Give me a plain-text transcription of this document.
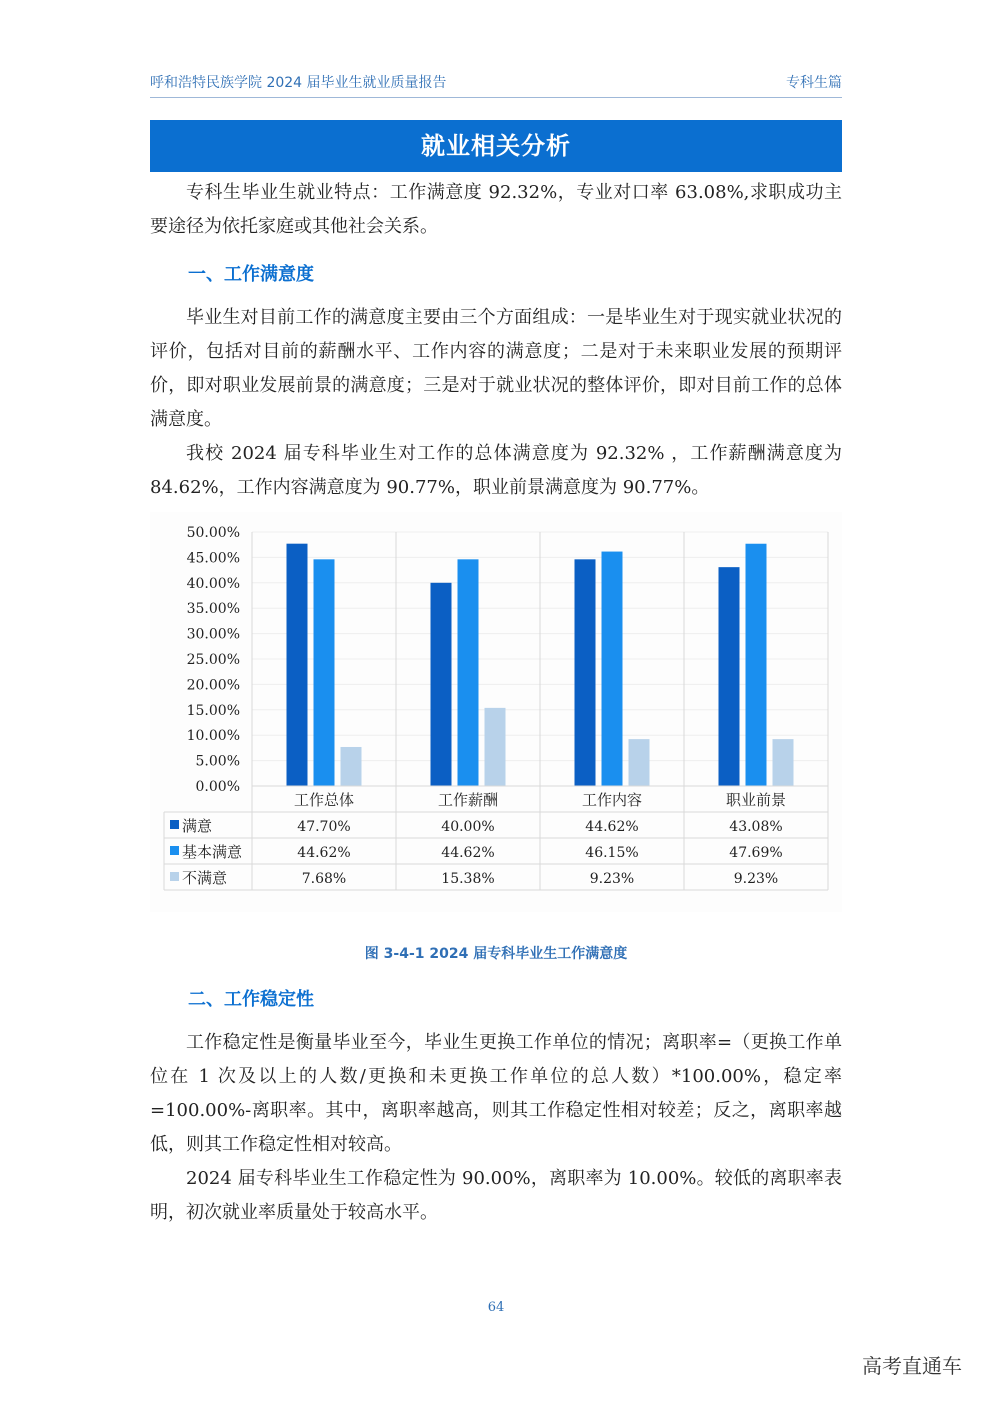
呼和浩特民族学院 2024 届毕业生就业质量报告	专科生篇
就业相关分析
专科生毕业生就业特点：工作满意度 92.32%，专业对口率 63.08%,求职成功主要途径为依托家庭或其他社会关系。
一、工作满意度
毕业生对目前工作的满意度主要由三个方面组成：一是毕业生对于现实就业状况的评价，包括对目前的薪酬水平、工作内容的满意度；二是对于未来职业发展的预期评价，即对职业发展前景的满意度；三是对于就业状况的整体评价，即对目前工作的总体满意度。
我校 2024 届专科毕业生对工作的总体满意度为 92.32% ，工作薪酬满意度为 84.62%，工作内容满意度为 90.77%，职业前景满意度为 90.77%。
0.00%
5.00%
10.00%
15.00%
20.00%
25.00%
30.00%
35.00%
40.00%
45.00%
50.00%
工作总体	工作薪酬	工作内容	职业前景
满意	47.70%	40.00%	44.62%	43.08%
基本满意	44.62%	44.62%	46.15%	47.69%
不满意	7.68%	15.38%	9.23%	9.23%
图 3-4-1 2024 届专科毕业生工作满意度
二、工作稳定性
工作稳定性是衡量毕业至今，毕业生更换工作单位的情况；离职率=（更换工作单位在 1 次及以上的人数/更换和未更换工作单位的总人数）*100.00%，稳定率=100.00%-离职率。其中，离职率越高，则其工作稳定性相对较差；反之，离职率越低，则其工作稳定性相对较高。
2024 届专科毕业生工作稳定性为 90.00%，离职率为 10.00%。较低的离职率表明，初次就业率质量处于较高水平。
64
高考直通车
